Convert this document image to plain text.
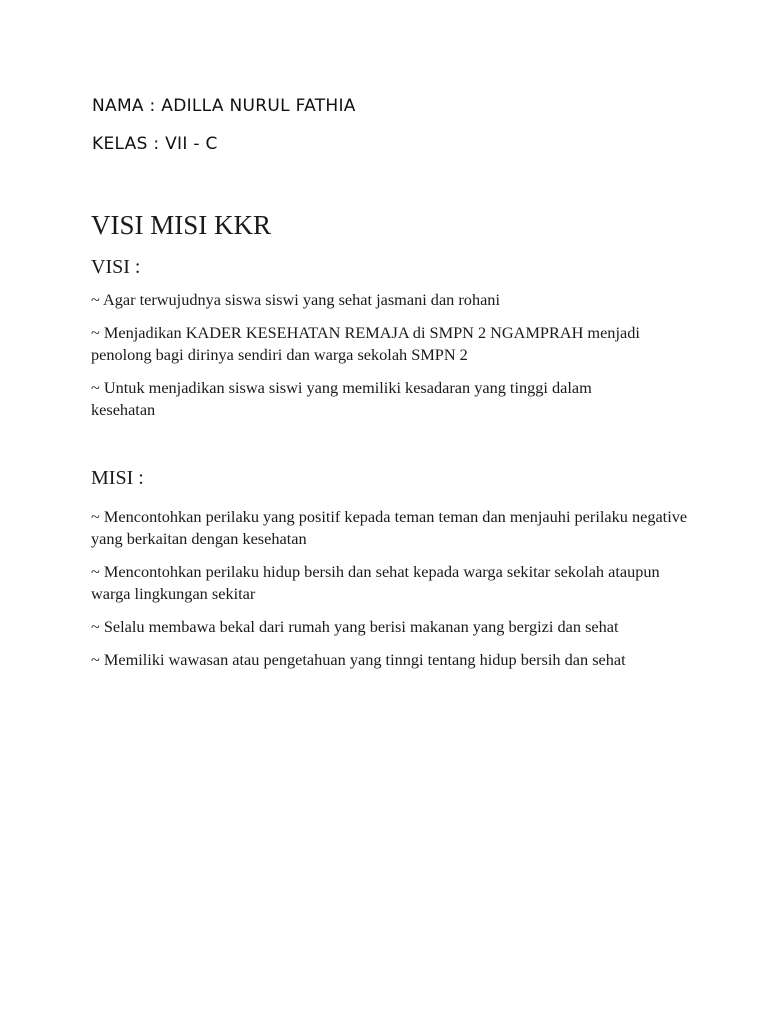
NAMA : ADILLA NURUL FATHIA
KELAS : VII - C
VISI MISI KKR
VISI :
~ Agar terwujudnya siswa siswi yang sehat jasmani dan rohani
~ Menjadikan KADER KESEHATAN REMAJA di SMPN 2 NGAMPRAH menjadi penolong bagi dirinya sendiri dan warga sekolah SMPN 2
~ Untuk menjadikan siswa siswi yang memiliki kesadaran yang tinggi dalam kesehatan
MISI :
~ Mencontohkan perilaku yang positif kepada teman teman dan menjauhi perilaku negative yang berkaitan dengan kesehatan
~ Mencontohkan perilaku hidup bersih dan sehat kepada warga sekitar sekolah ataupun warga lingkungan sekitar
~ Selalu membawa bekal dari rumah yang berisi makanan yang bergizi dan sehat
~ Memiliki wawasan atau pengetahuan yang tinngi tentang hidup bersih dan sehat
